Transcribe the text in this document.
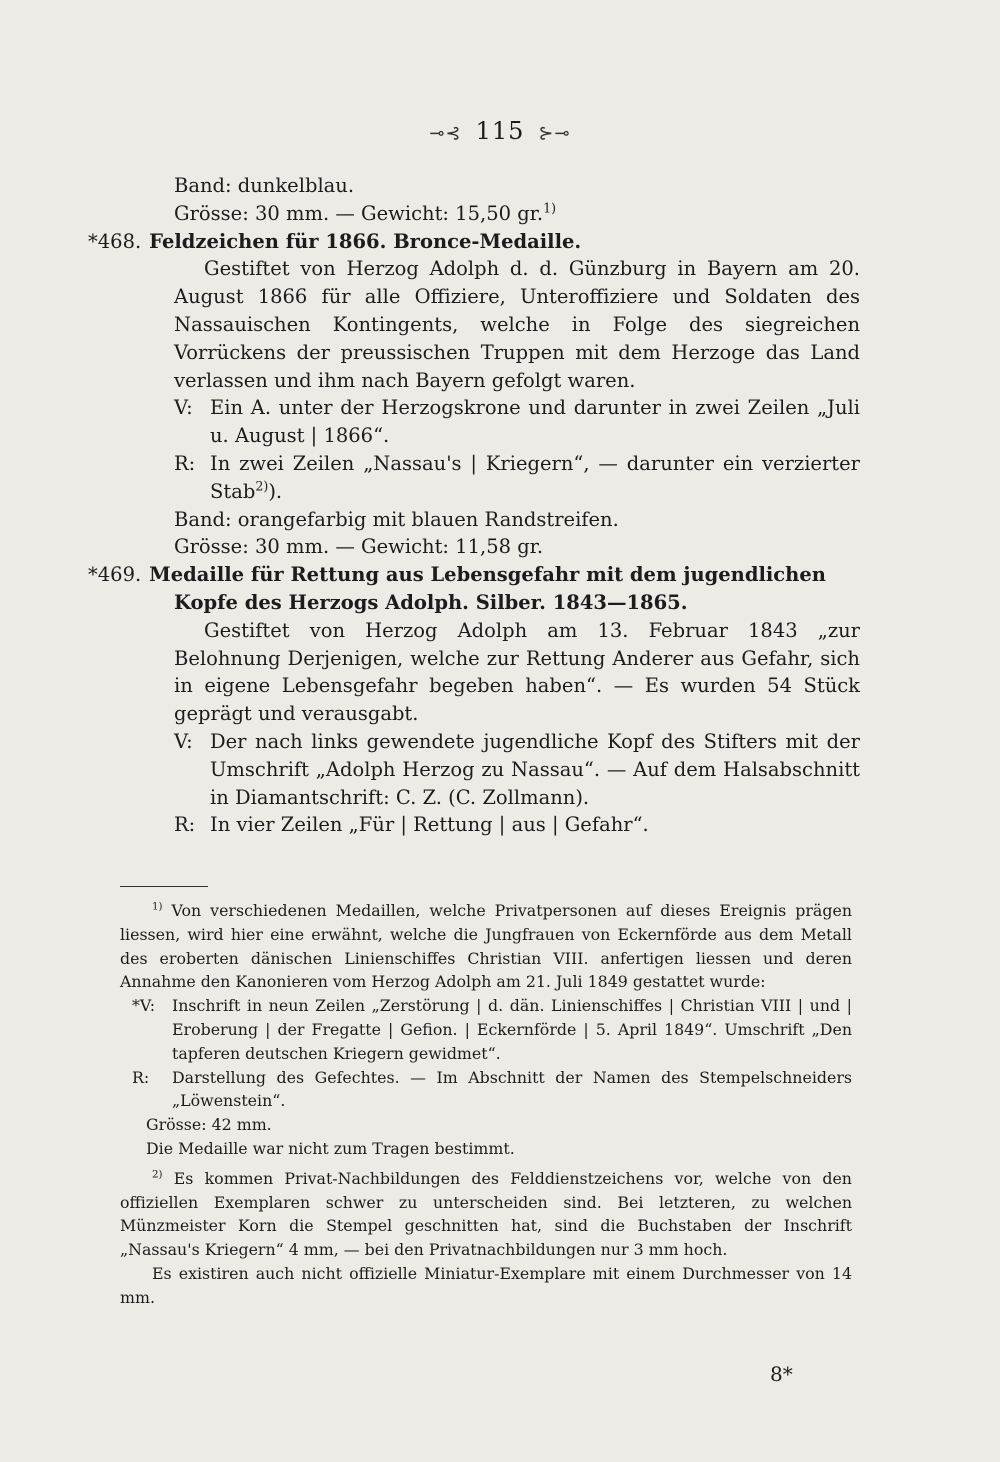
⊸⊰ 115 ⊱⊸

Band: dunkelblau.

Grösse: 30 mm. — Gewicht: 15,50 gr.$^{1)}$

*468. Feldzeichen für 1866. Bronce-Medaille.

Gestiftet von Herzog Adolph d. d. Günzburg in Bayern am 20. August 1866 für alle Offiziere, Unteroffiziere und Soldaten des Nassauischen Kontingents, welche in Folge des siegreichen Vorrückens der preussischen Truppen mit dem Herzoge das Land verlassen und ihm nach Bayern gefolgt waren.

V: Ein A. unter der Herzogskrone und darunter in zwei Zeilen „Juli u. August | 1866“.
R: In zwei Zeilen „Nassau's | Kriegern“, — darunter ein verzierter Stab$^{2)}$).

Band: orangefarbig mit blauen Randstreifen.

Grösse: 30 mm. — Gewicht: 11,58 gr.

*469. Medaille für Rettung aus Lebensgefahr mit dem jugendlichen

Kopfe des Herzogs Adolph. Silber. 1843—1865.

Gestiftet von Herzog Adolph am 13. Februar 1843 „zur Belohnung Derjenigen, welche zur Rettung Anderer aus Gefahr, sich in eigene Lebensgefahr begeben haben“. — Es wurden 54 Stück geprägt und verausgabt.

V: Der nach links gewendete jugendliche Kopf des Stifters mit der Umschrift „Adolph Herzog zu Nassau“. — Auf dem Halsabschnitt in Diamantschrift: C. Z. (C. Zollmann).
R: In vier Zeilen „Für | Rettung | aus | Gefahr“.

$^{1)}$ Von verschiedenen Medaillen, welche Privatpersonen auf dieses Ereignis prägen liessen, wird hier eine erwähnt, welche die Jungfrauen von Eckernförde aus dem Metall des eroberten dänischen Linienschiffes Christian VIII. anfertigen liessen und deren Annahme den Kanonieren vom Herzog Adolph am 21. Juli 1849 gestattet wurde:

*V:	Inschrift in neun Zeilen „Zerstörung | d. dän. Linienschiffes | Christian VIII | und | Eroberung | der Fregatte | Gefion. | Eckernförde | 5. April 1849“. Umschrift „Den tapferen deutschen Kriegern gewidmet“.
R:	Darstellung des Gefechtes. — Im Abschnitt der Namen des Stempelschneiders „Löwenstein“.

Grösse: 42 mm.

Die Medaille war nicht zum Tragen bestimmt.

$^{2)}$ Es kommen Privat-Nachbildungen des Felddienstzeichens vor, welche von den offiziellen Exemplaren schwer zu unterscheiden sind. Bei letzteren, zu welchen Münzmeister Korn die Stempel geschnitten hat, sind die Buchstaben der Inschrift „Nassau's Kriegern“ 4 mm, — bei den Privatnachbildungen nur 3 mm hoch.

Es existiren auch nicht offizielle Miniatur-Exemplare mit einem Durchmesser von 14 mm.

8*
